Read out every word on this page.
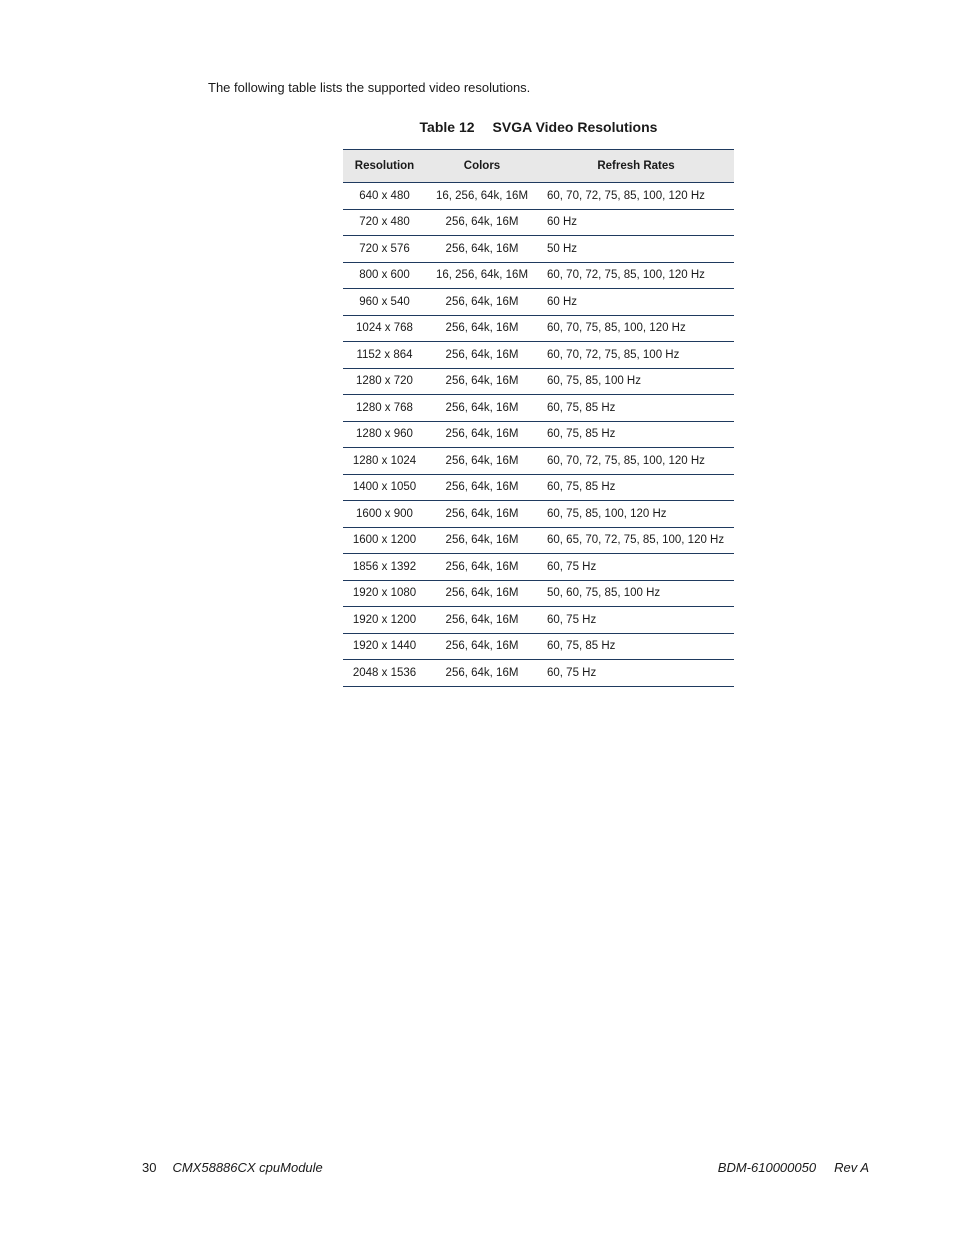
The following table lists the supported video resolutions.

Table 12 SVGA Video Resolutions

Resolution	Colors	Refresh Rates
640 x 480	16, 256, 64k, 16M	60, 70, 72, 75, 85, 100, 120 Hz
720 x 480	256, 64k, 16M	60 Hz
720 x 576	256, 64k, 16M	50 Hz
800 x 600	16, 256, 64k, 16M	60, 70, 72, 75, 85, 100, 120 Hz
960 x 540	256, 64k, 16M	60 Hz
1024 x 768	256, 64k, 16M	60, 70, 75, 85, 100, 120 Hz
1152 x 864	256, 64k, 16M	60, 70, 72, 75, 85, 100 Hz
1280 x 720	256, 64k, 16M	60, 75, 85, 100 Hz
1280 x 768	256, 64k, 16M	60, 75, 85 Hz
1280 x 960	256, 64k, 16M	60, 75, 85 Hz
1280 x 1024	256, 64k, 16M	60, 70, 72, 75, 85, 100, 120 Hz
1400 x 1050	256, 64k, 16M	60, 75, 85 Hz
1600 x 900	256, 64k, 16M	60, 75, 85, 100, 120 Hz
1600 x 1200	256, 64k, 16M	60, 65, 70, 72, 75, 85, 100, 120 Hz
1856 x 1392	256, 64k, 16M	60, 75 Hz
1920 x 1080	256, 64k, 16M	50, 60, 75, 85, 100 Hz
1920 x 1200	256, 64k, 16M	60, 75 Hz
1920 x 1440	256, 64k, 16M	60, 75, 85 Hz
2048 x 1536	256, 64k, 16M	60, 75 Hz

30 CMX58886CX cpuModule	BDM-610000050 Rev A
